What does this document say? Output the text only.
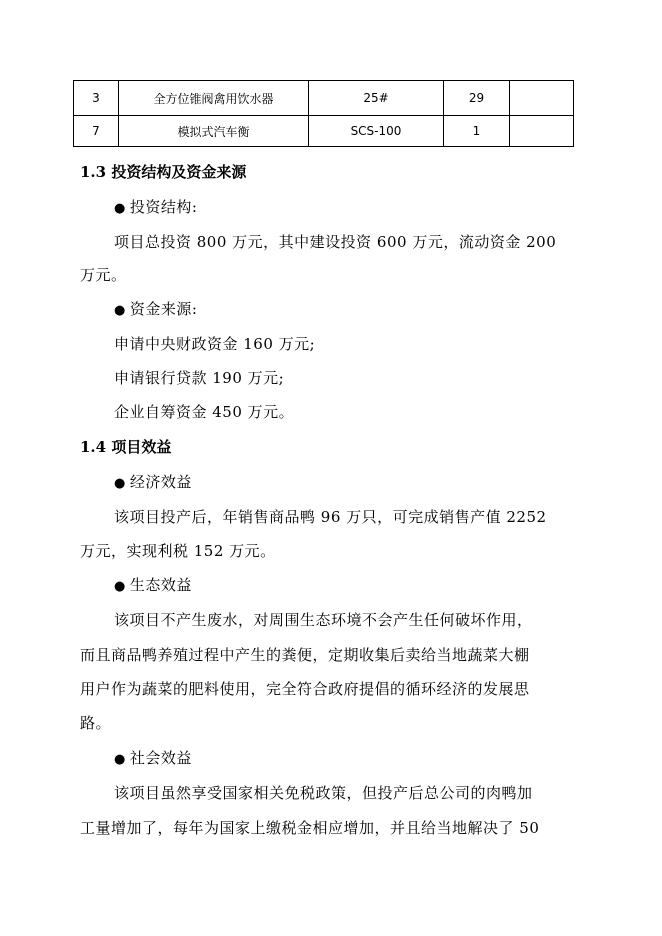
3	全方位锥阀禽用饮水器	25#	29	
7	模拟式汽车衡	SCS-100	1	
1.3 投资结构及资金来源
● 投资结构:
项目总投资 800 万元，其中建设投资 600 万元，流动资金 200
万元。
● 资金来源:
申请中央财政资金 160 万元;
申请银行贷款 190 万元;
企业自筹资金 450 万元。
1.4 项目效益
● 经济效益
该项目投产后，年销售商品鸭 96 万只，可完成销售产值 2252
万元，实现利税 152 万元。
● 生态效益
该项目不产生废水，对周围生态环境不会产生任何破坏作用，
而且商品鸭养殖过程中产生的粪便，定期收集后卖给当地蔬菜大棚
用户作为蔬菜的肥料使用，完全符合政府提倡的循环经济的发展思
路。
● 社会效益
该项目虽然享受国家相关免税政策，但投产后总公司的肉鸭加
工量增加了，每年为国家上缴税金相应增加，并且给当地解决了 50
